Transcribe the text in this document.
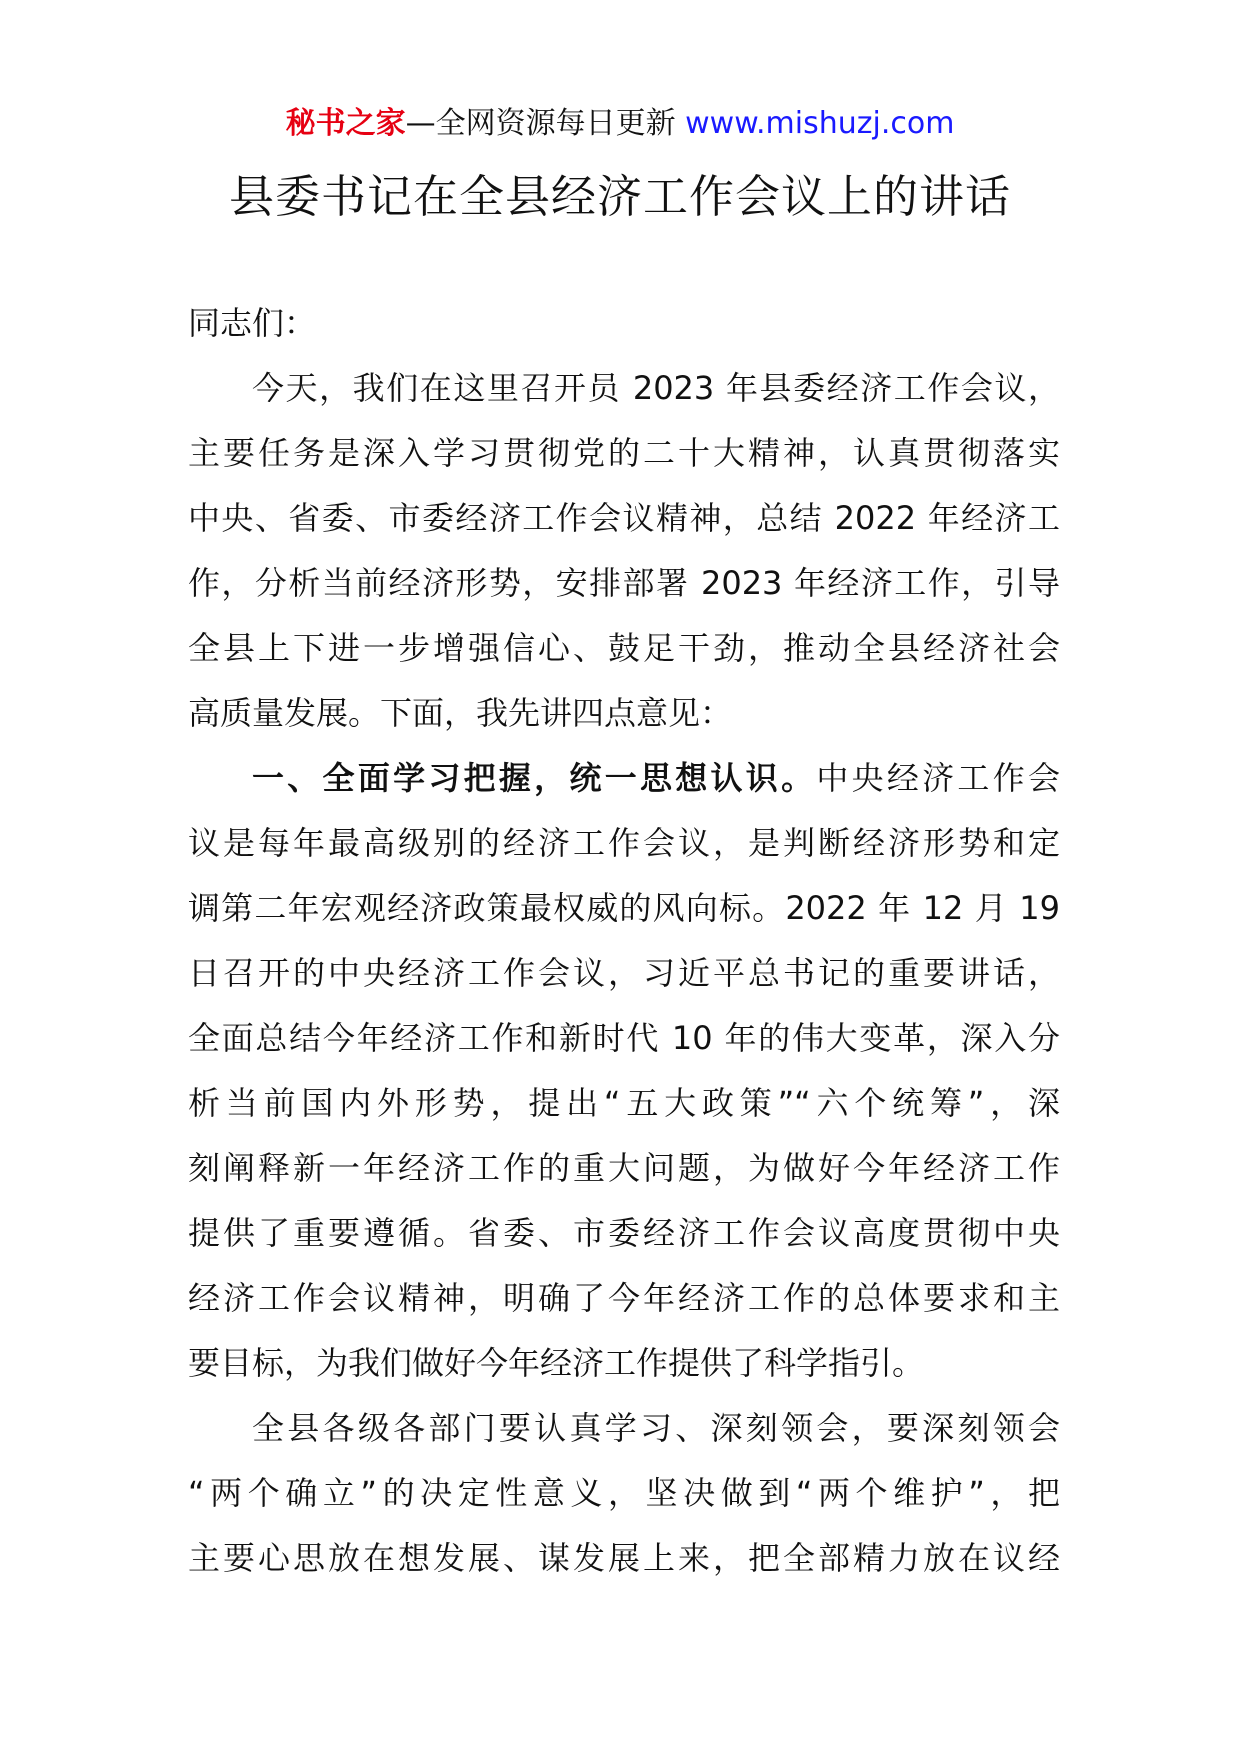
秘书之家—全网资源每日更新 www.mishuzj.com
县委书记在全县经济工作会议上的讲话
同志们：
今天，我们在这里召开员 2023 年县委经济工作会议，
主要任务是深入学习贯彻党的二十大精神，认真贯彻落实
中央、省委、市委经济工作会议精神，总结 2022 年经济工
作，分析当前经济形势，安排部署 2023 年经济工作，引导
全县上下进一步增强信心、鼓足干劲，推动全县经济社会
高质量发展。下面，我先讲四点意见：
一、全面学习把握，统一思想认识。中央经济工作会
议是每年最高级别的经济工作会议，是判断经济形势和定
调第二年宏观经济政策最权威的风向标。2022 年 12 月 19
日召开的中央经济工作会议，习近平总书记的重要讲话，
全面总结今年经济工作和新时代 10 年的伟大变革，深入分
析当前国内外形势，提出“五大政策”“六个统筹”，深
刻阐释新一年经济工作的重大问题，为做好今年经济工作
提供了重要遵循。省委、市委经济工作会议高度贯彻中央
经济工作会议精神，明确了今年经济工作的总体要求和主
要目标，为我们做好今年经济工作提供了科学指引。
全县各级各部门要认真学习、深刻领会，要深刻领会
“两个确立”的决定性意义，坚决做到“两个维护”，把
主要心思放在想发展、谋发展上来，把全部精力放在议经
